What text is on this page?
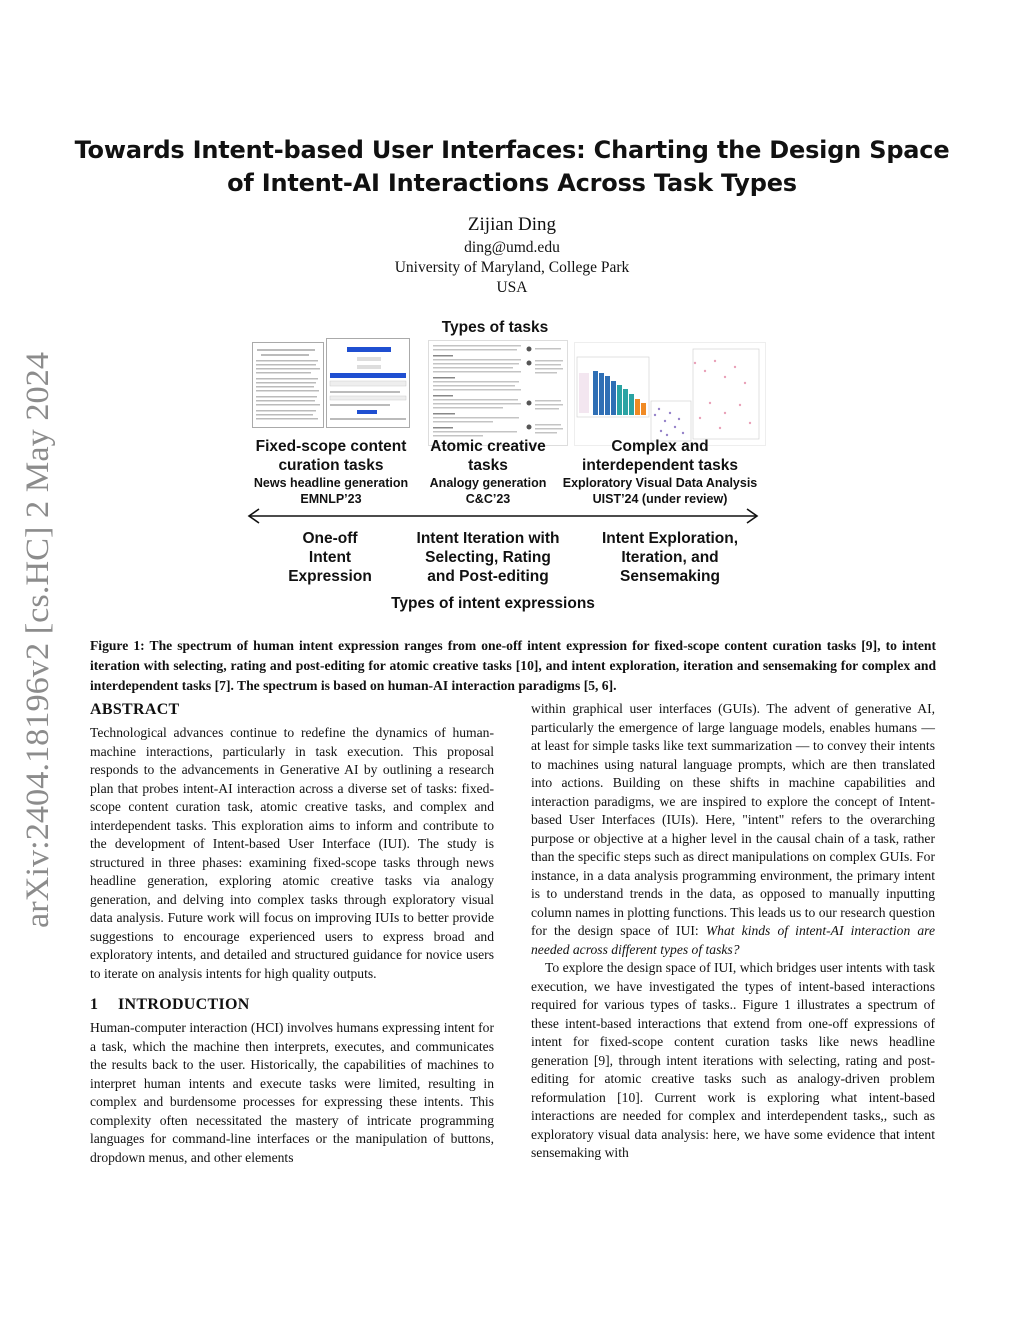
arXiv:2404.18196v2 [cs.HC] 2 May 2024
Towards Intent-based User Interfaces: Charting the Design Space of Intent-AI Interactions Across Task Types
Zijian Ding
ding@umd.edu
University of Maryland, College Park
USA
Types of tasks
Fixed-scope content curation tasks
News headline generation
EMNLP’23
Atomic creative tasks
Analogy generation
C&C’23
Complex and interdependent tasks
Exploratory Visual Data Analysis
UIST’24 (under review)
One-off Intent Expression
Intent Iteration with Selecting, Rating and Post-editing
Intent Exploration, Iteration, and Sensemaking
Types of intent expressions
Figure 1: The spectrum of human intent expression ranges from one-off intent expression for fixed-scope content curation tasks [9], to intent iteration with selecting, rating and post-editing for atomic creative tasks [10], and intent exploration, iteration and sensemaking for complex and interdependent tasks [7]. The spectrum is based on human-AI interaction paradigms [5, 6].
ABSTRACT

Technological advances continue to redefine the dynamics of human-machine interactions, particularly in task execution. This proposal responds to the advancements in Generative AI by outlining a research plan that probes intent-AI interaction across a diverse set of tasks: fixed-scope content curation task, atomic creative tasks, and complex and interdependent tasks. This exploration aims to inform and contribute to the development of Intent-based User Interface (IUI). The study is structured in three phases: examining fixed-scope tasks through news headline generation, exploring atomic creative tasks via analogy generation, and delving into complex tasks through exploratory visual data analysis. Future work will focus on improving IUIs to better provide suggestions to encourage experienced users to express broad and exploratory intents, and detailed and structured guidance for novice users to iterate on analysis intents for high quality outputs.

1 INTRODUCTION

Human-computer interaction (HCI) involves humans expressing intent for a task, which the machine then interprets, executes, and communicates the results back to the user. Historically, the capabilities of machines to interpret human intents and execute tasks were limited, resulting in complex and burdensome processes for expressing these intents. This complexity often necessitated the mastery of intricate programming languages for command-line interfaces or the manipulation of buttons, dropdown menus, and other elements

within graphical user interfaces (GUIs). The advent of generative AI, particularly the emergence of large language models, enables humans — at least for simple tasks like text summarization — to convey their intents to machines using natural language prompts, which are then translated into actions. Building on these shifts in machine capabilities and interaction paradigms, we are inspired to explore the concept of Intent-based User Interfaces (IUIs). Here, "intent" refers to the overarching purpose or objective at a higher level in the causal chain of a task, rather than the specific steps such as direct manipulations on complex GUIs. For instance, in a data analysis programming environment, the primary intent is to understand trends in the data, as opposed to manually inputting column names in plotting functions. This leads us to our research question for the design space of IUI: What kinds of intent-AI interaction are needed across different types of tasks?

To explore the design space of IUI, which bridges user intents with task execution, we have investigated the types of intent-based interactions required for various types of tasks.. Figure 1 illustrates a spectrum of these intent-based interactions that extend from one-off expressions of intent for fixed-scope content curation tasks like news headline generation [9], through intent iterations with selecting, rating and post-editing for atomic creative tasks such as analogy-driven problem reformulation [10]. Current work is exploring what intent-based interactions are needed for complex and interdependent tasks,, such as exploratory visual data analysis: here, we have some evidence that intent sensemaking with
